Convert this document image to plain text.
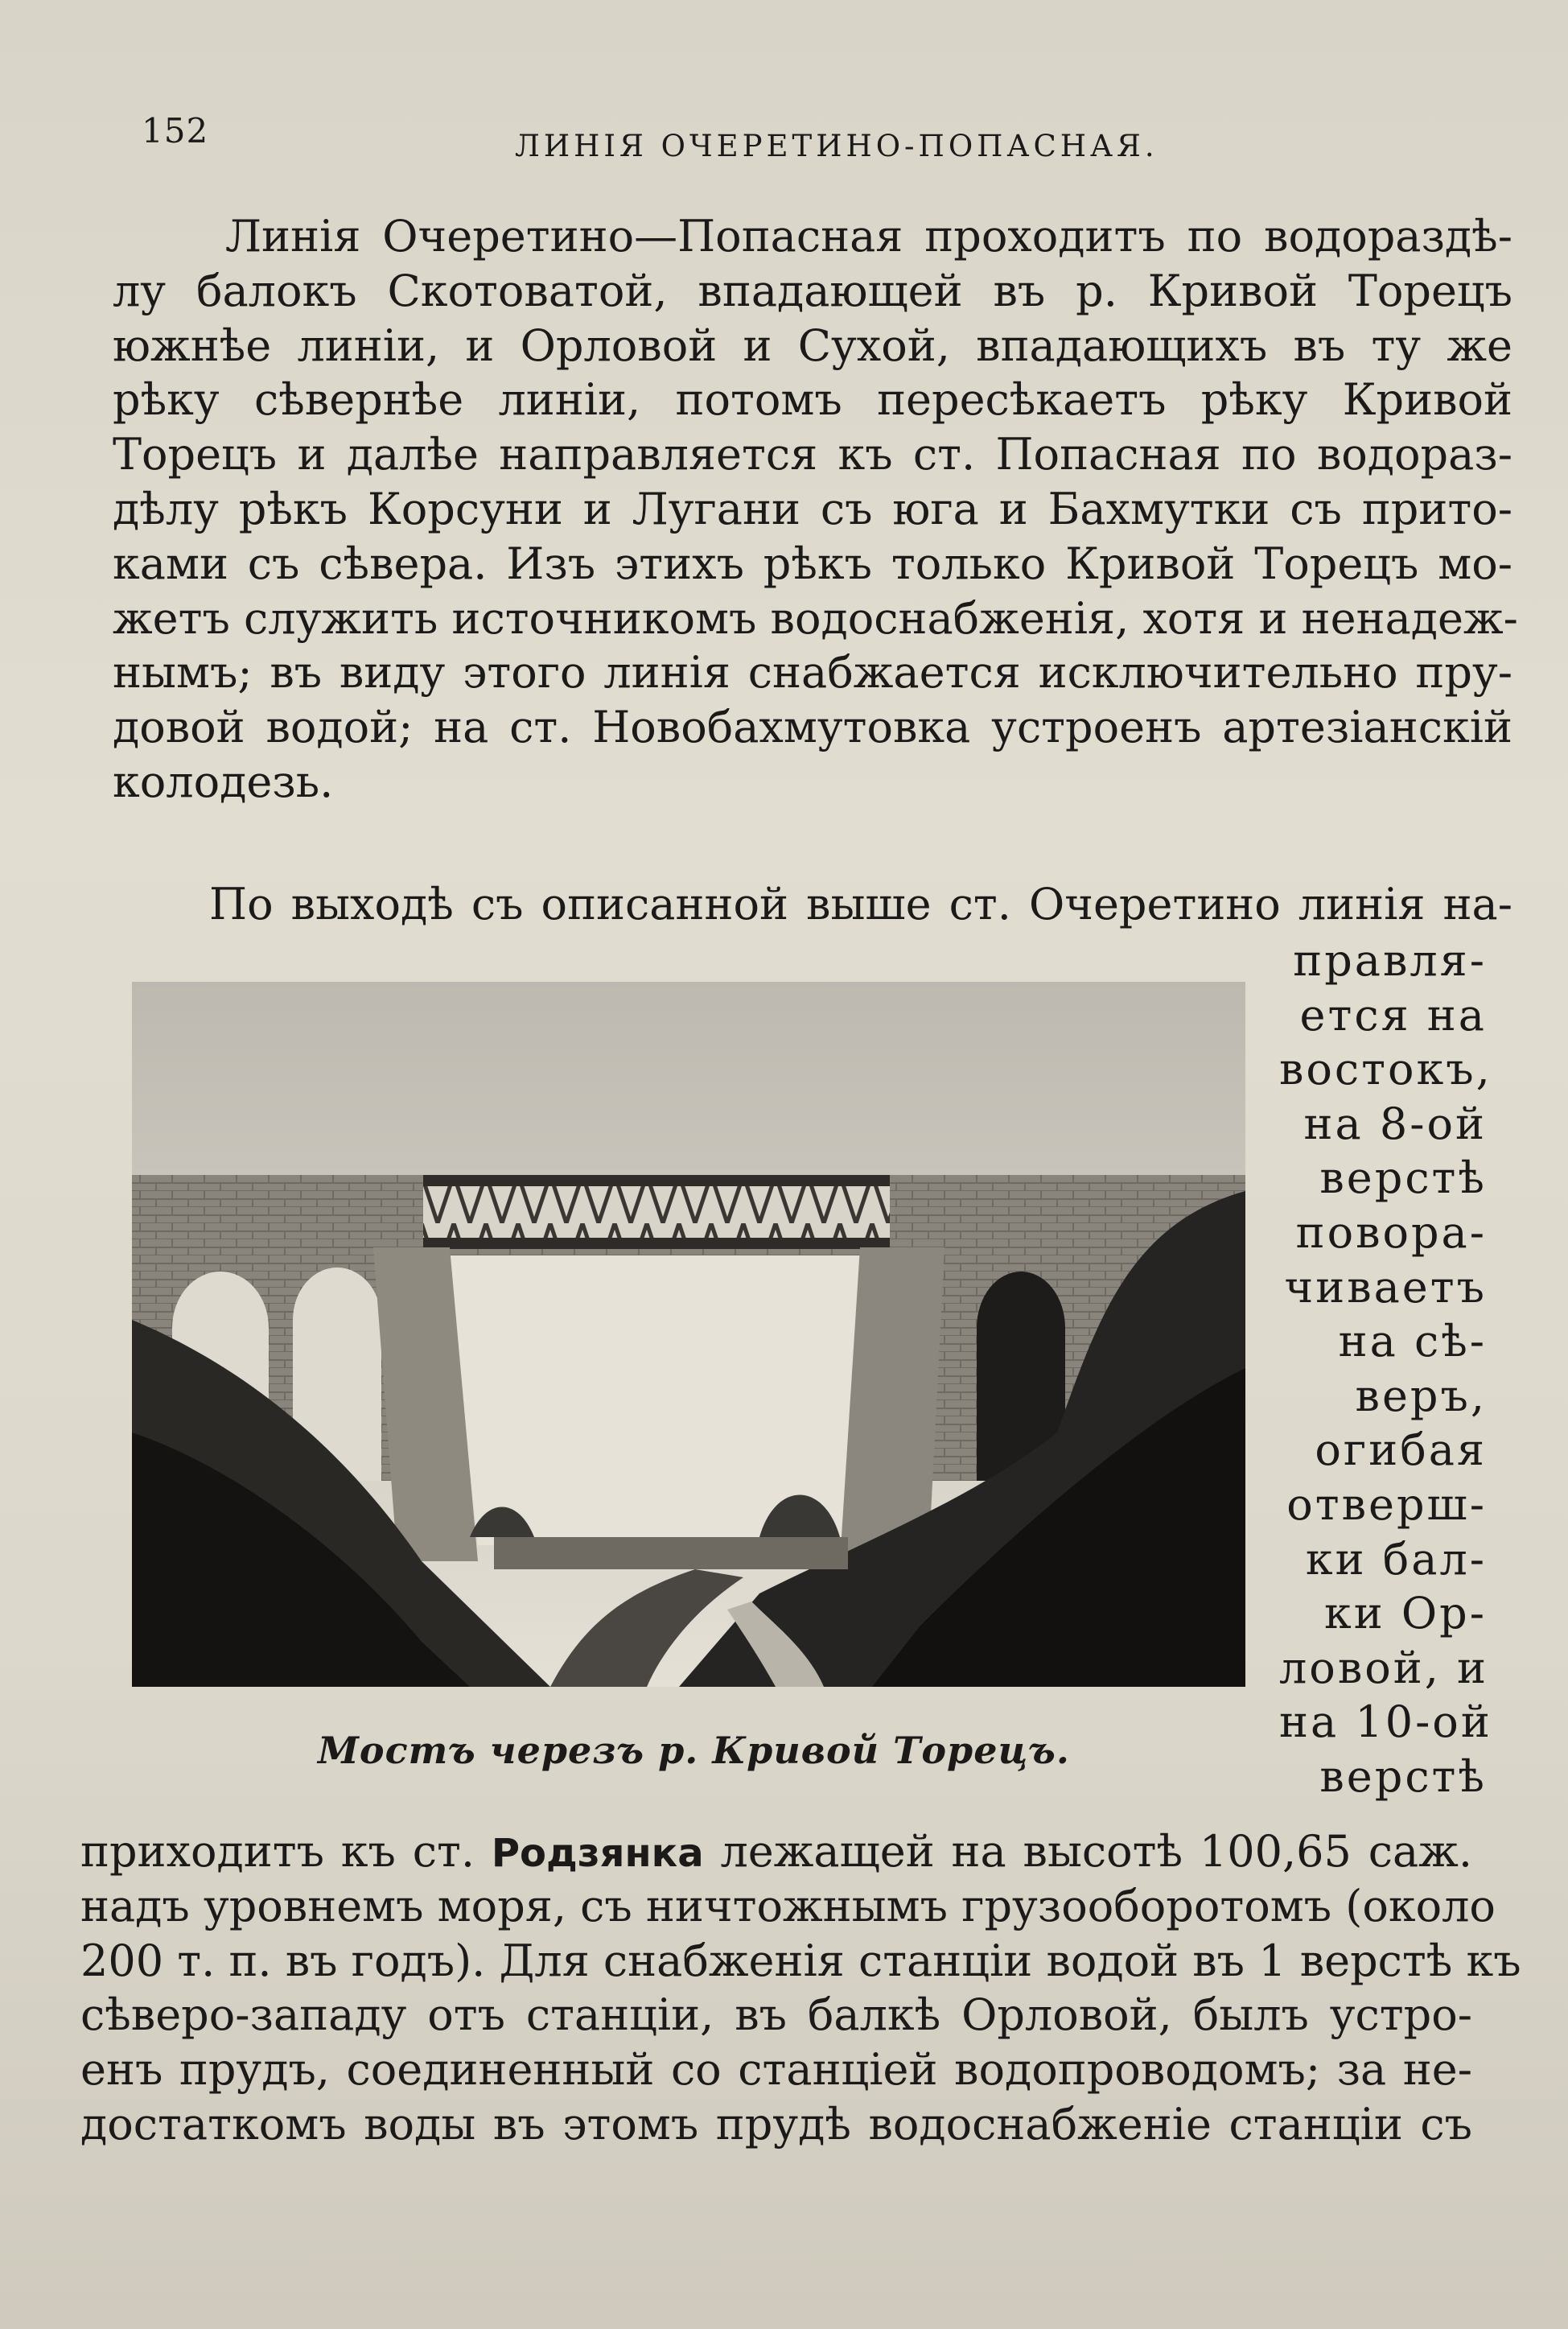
152	ЛИНІЯ ОЧЕРЕТИНО-ПОПАСНАЯ.
Линія Очеретино—Попасная проходитъ по водораздѣ-
лу балокъ Скотоватой, впадающей въ р. Кривой Торецъ
южнѣе линіи, и Орловой и Сухой, впадающихъ въ ту же
рѣку сѣвернѣе линіи, потомъ пересѣкаетъ рѣку Кривой
Торецъ и далѣе направляется къ ст. Попасная по водораз-
дѣлу рѣкъ Корсуни и Лугани съ юга и Бахмутки съ прито-
ками съ сѣвера. Изъ этихъ рѣкъ только Кривой Торецъ мо-
жетъ служить источникомъ водоснабженія, хотя и ненадеж-
нымъ; въ виду этого линія снабжается исключительно пру-
довой водой; на ст. Новобахмутовка устроенъ артезіанскій
колодезь.
По выходѣ съ описанной выше ст. Очеретино линія на-
Мостъ черезъ р. Кривой Торецъ.
правля-
ется на
востокъ,
на 8-ой
верстѣ
повора-
чиваетъ
на сѣ-
веръ,
огибая
отверш-
ки бал-
ки Ор-
ловой, и
на 10-ой
верстѣ
приходитъ къ ст. Родзянка лежащей на высотѣ 100,65 саж.
надъ уровнемъ моря, съ ничтожнымъ грузооборотомъ (около
200 т. п. въ годъ). Для снабженія станціи водой въ 1 верстѣ къ
сѣверо-западу отъ станціи, въ балкѣ Орловой, былъ устро-
енъ прудъ, соединенный со станціей водопроводомъ; за не-
достаткомъ воды въ этомъ прудѣ водоснабженіе станціи съ
